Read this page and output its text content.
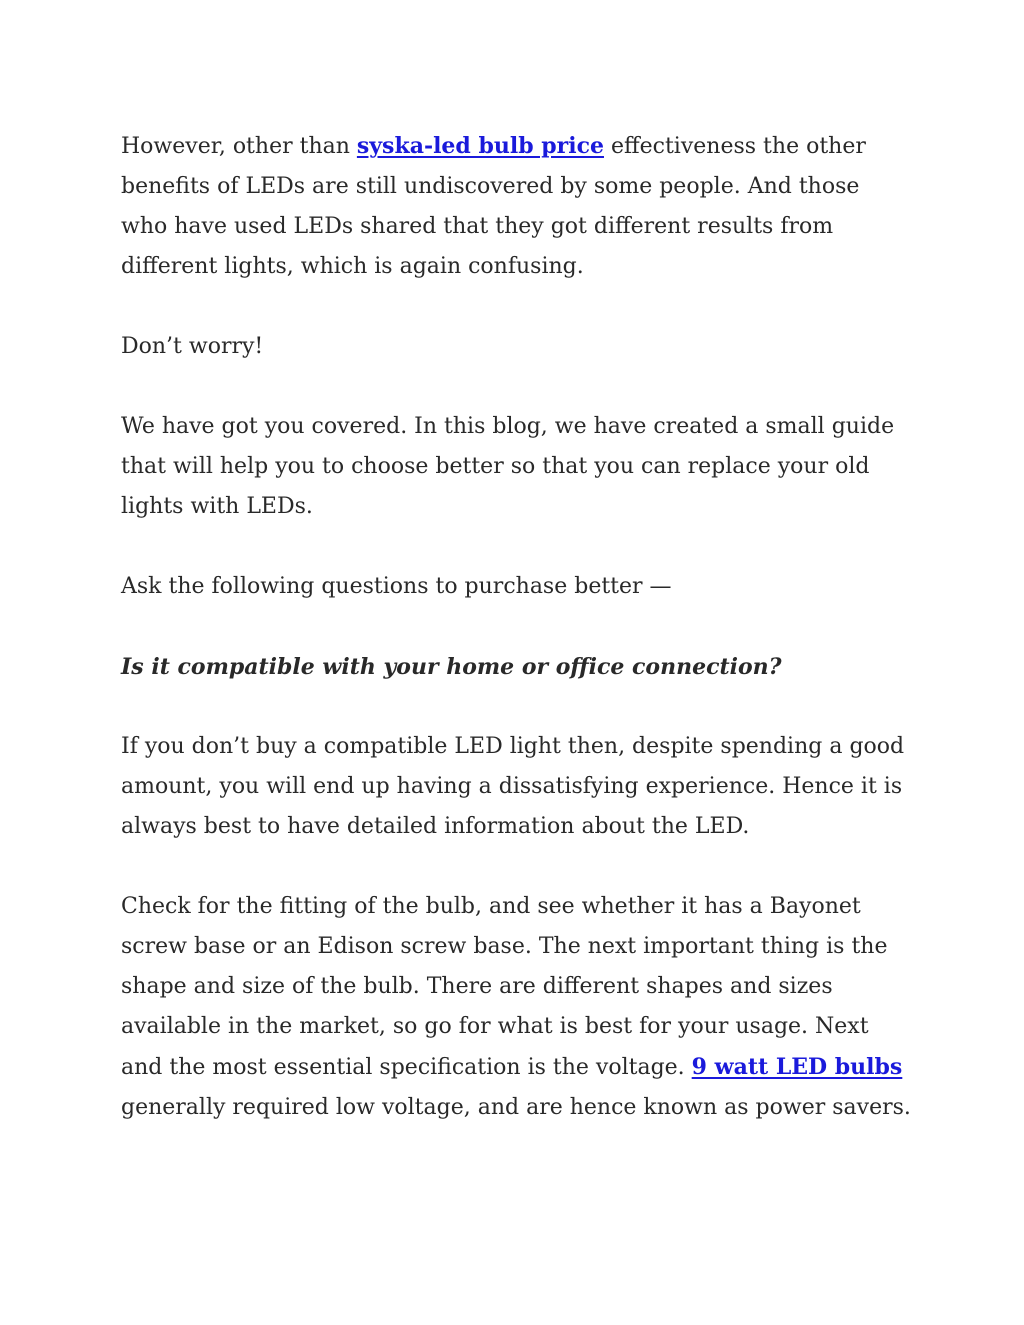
However, other than syska-led bulb price effectiveness the other benefits of LEDs are still undiscovered by some people. And those who have used LEDs shared that they got different results from different lights, which is again confusing.

Don’t worry!

We have got you covered. In this blog, we have created a small guide that will help you to choose better so that you can replace your old lights with LEDs.

Ask the following questions to purchase better —

Is it compatible with your home or office connection?

If you don’t buy a compatible LED light then, despite spending a good amount, you will end up having a dissatisfying experience. Hence it is always best to have detailed information about the LED.

Check for the fitting of the bulb, and see whether it has a Bayonet screw base or an Edison screw base. The next important thing is the shape and size of the bulb. There are different shapes and sizes available in the market, so go for what is best for your usage. Next and the most essential specification is the voltage. 9 watt LED bulbs generally required low voltage, and are hence known as power savers.
